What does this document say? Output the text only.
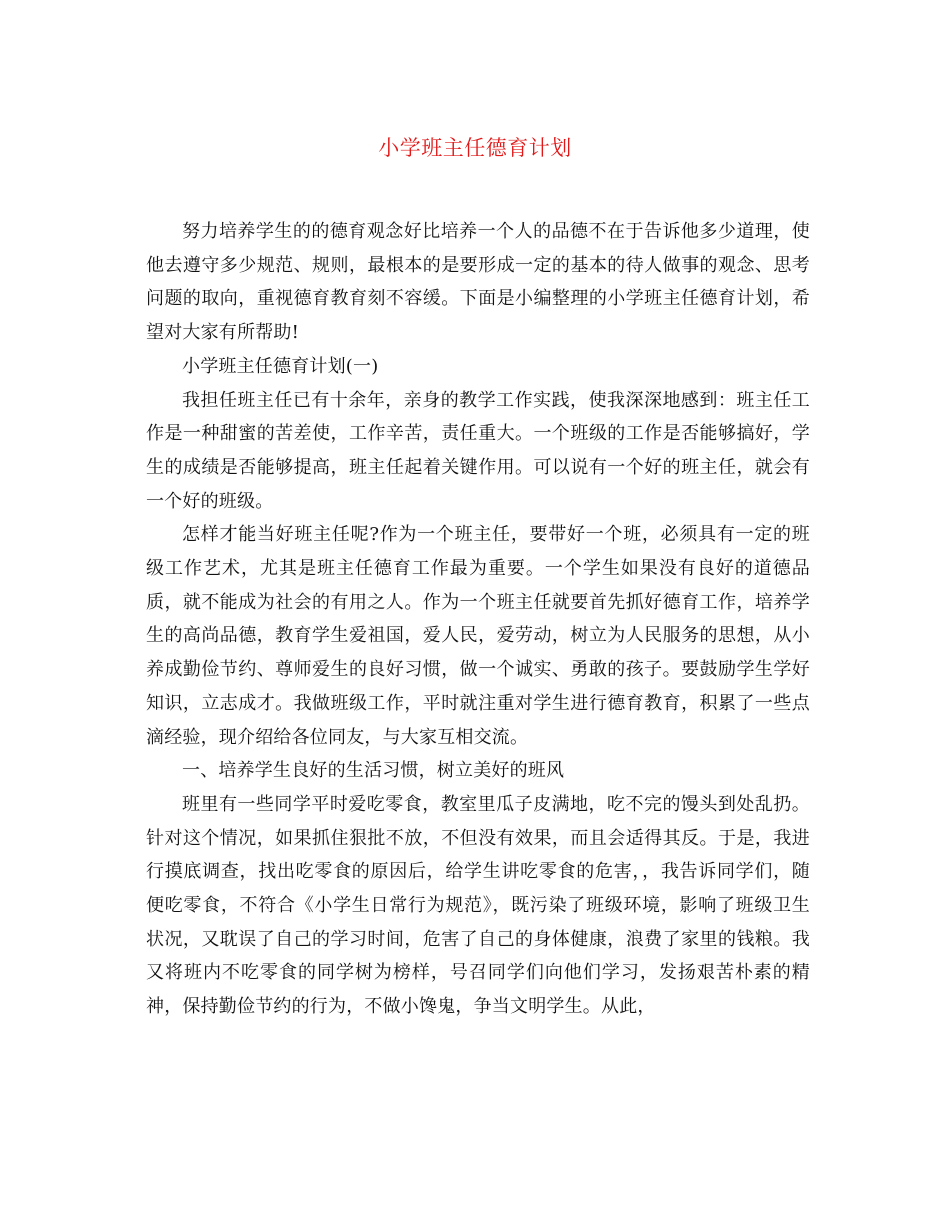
小学班主任德育计划

努力培养学生的的德育观念好比培养一个人的品德不在于告诉他多少道理，使他去遵守多少规范、规则，最根本的是要形成一定的基本的待人做事的观念、思考问题的取向，重视德育教育刻不容缓。下面是小编整理的小学班主任德育计划，希望对大家有所帮助!

小学班主任德育计划(一)

我担任班主任已有十余年，亲身的教学工作实践，使我深深地感到：班主任工作是一种甜蜜的苦差使，工作辛苦，责任重大。一个班级的工作是否能够搞好，学生的成绩是否能够提高，班主任起着关键作用。可以说有一个好的班主任，就会有一个好的班级。

怎样才能当好班主任呢?作为一个班主任，要带好一个班，必须具有一定的班级工作艺术，尤其是班主任德育工作最为重要。一个学生如果没有良好的道德品质，就不能成为社会的有用之人。作为一个班主任就要首先抓好德育工作，培养学生的高尚品德，教育学生爱祖国，爱人民，爱劳动，树立为人民服务的思想，从小养成勤俭节约、尊师爱生的良好习惯，做一个诚实、勇敢的孩子。要鼓励学生学好知识，立志成才。我做班级工作，平时就注重对学生进行德育教育，积累了一些点滴经验，现介绍给各位同友，与大家互相交流。

一、培养学生良好的生活习惯，树立美好的班风

班里有一些同学平时爱吃零食，教室里瓜子皮满地，吃不完的馒头到处乱扔。针对这个情况，如果抓住狠批不放，不但没有效果，而且会适得其反。于是，我进行摸底调查，找出吃零食的原因后，给学生讲吃零食的危害，，我告诉同学们，随便吃零食，不符合《小学生日常行为规范》，既污染了班级环境，影响了班级卫生状况，又耽误了自己的学习时间，危害了自己的身体健康，浪费了家里的钱粮。我又将班内不吃零食的同学树为榜样，号召同学们向他们学习，发扬艰苦朴素的精神，保持勤俭节约的行为，不做小馋鬼，争当文明学生。从此，
